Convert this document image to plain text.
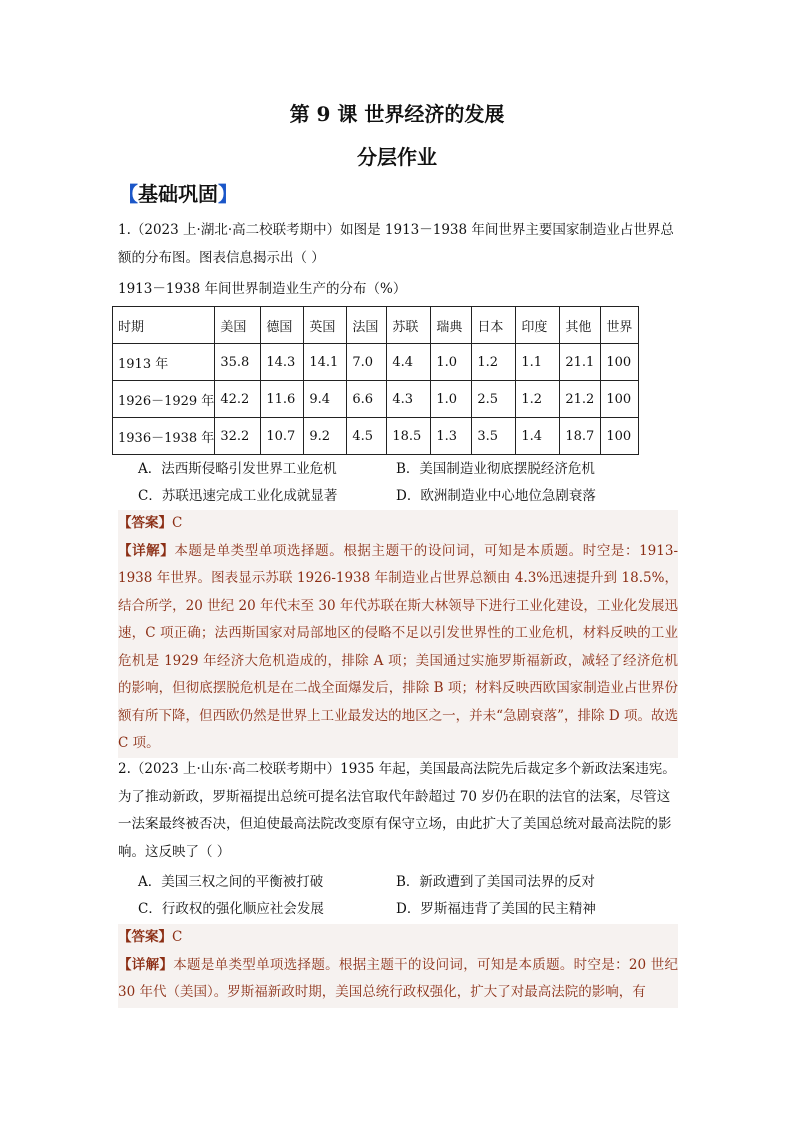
第 9 课 世界经济的发展
分层作业
【基础巩固】
1.（2023 上·湖北·高二校联考期中）如图是 1913－1938 年间世界主要国家制造业占世界总额的分布图。图表信息揭示出（ ）
1913－1938 年间世界制造业生产的分布（%）
时期	美国	德国	英国	法国	苏联	瑞典	日本	印度	其他	世界
1913 年	35.8	14.3	14.1	7.0	4.4	1.0	1.2	1.1	21.1	100
1926－1929 年	42.2	11.6	9.4	6.6	4.3	1.0	2.5	1.2	21.2	100
1936－1938 年	32.2	10.7	9.2	4.5	18.5	1.3	3.5	1.4	18.7	100
A．法西斯侵略引发世界工业危机	B．美国制造业彻底摆脱经济危机
C．苏联迅速完成工业化成就显著	D．欧洲制造业中心地位急剧衰落
【答案】C
【详解】本题是单类型单项选择题。根据主题干的设问词，可知是本质题。时空是：1913-1938 年世界。图表显示苏联 1926-1938 年制造业占世界总额由 4.3%迅速提升到 18.5%，结合所学，20 世纪 20 年代末至 30 年代苏联在斯大林领导下进行工业化建设，工业化发展迅速，C 项正确；法西斯国家对局部地区的侵略不足以引发世界性的工业危机，材料反映的工业危机是 1929 年经济大危机造成的，排除 A 项；美国通过实施罗斯福新政，减轻了经济危机的影响，但彻底摆脱危机是在二战全面爆发后，排除 B 项；材料反映西欧国家制造业占世界份额有所下降，但西欧仍然是世界上工业最发达的地区之一，并未“急剧衰落”，排除 D 项。故选 C 项。
2.（2023 上·山东·高二校联考期中）1935 年起，美国最高法院先后裁定多个新政法案违宪。为了推动新政，罗斯福提出总统可提名法官取代年龄超过 70 岁仍在职的法官的法案，尽管这一法案最终被否决，但迫使最高法院改变原有保守立场，由此扩大了美国总统对最高法院的影响。这反映了（ ）
A．美国三权之间的平衡被打破	B．新政遭到了美国司法界的反对
C．行政权的强化顺应社会发展	D．罗斯福违背了美国的民主精神
【答案】C
【详解】本题是单类型单项选择题。根据主题干的设问词，可知是本质题。时空是：20 世纪 30 年代（美国）。罗斯福新政时期，美国总统行政权强化，扩大了对最高法院的影响，有
